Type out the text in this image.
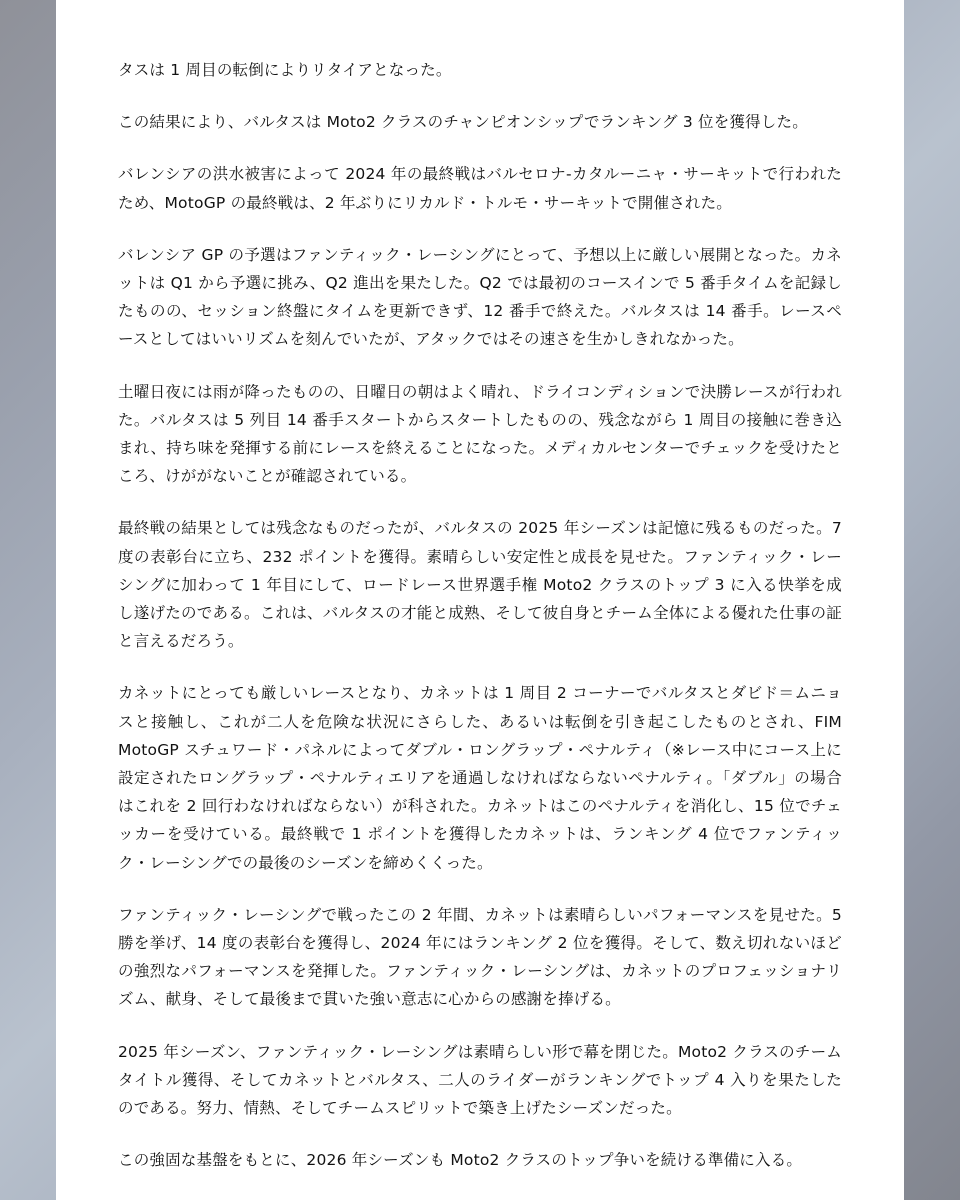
タスは 1 周目の転倒によりリタイアとなった。

この結果により、バルタスは Moto2 クラスのチャンピオンシップでランキング 3 位を獲得した。

バレンシアの洪水被害によって 2024 年の最終戦はバルセロナ-カタルーニャ・サーキットで行われたため、MotoGP の最終戦は、2 年ぶりにリカルド・トルモ・サーキットで開催された。

バレンシア GP の予選はファンティック・レーシングにとって、予想以上に厳しい展開となった。カネットは Q1 から予選に挑み、Q2 進出を果たした。Q2 では最初のコースインで 5 番手タイムを記録したものの、セッション終盤にタイムを更新できず、12 番手で終えた。バルタスは 14 番手。レースペースとしてはいいリズムを刻んでいたが、アタックではその速さを生かしきれなかった。

土曜日夜には雨が降ったものの、日曜日の朝はよく晴れ、ドライコンディションで決勝レースが行われた。バルタスは 5 列目 14 番手スタートからスタートしたものの、残念ながら 1 周目の接触に巻き込まれ、持ち味を発揮する前にレースを終えることになった。メディカルセンターでチェックを受けたところ、けががないことが確認されている。

最終戦の結果としては残念なものだったが、バルタスの 2025 年シーズンは記憶に残るものだった。7 度の表彰台に立ち、232 ポイントを獲得。素晴らしい安定性と成長を見せた。ファンティック・レーシングに加わって 1 年目にして、ロードレース世界選手権 Moto2 クラスのトップ 3 に入る快挙を成し遂げたのである。これは、バルタスの才能と成熟、そして彼自身とチーム全体による優れた仕事の証と言えるだろう。

カネットにとっても厳しいレースとなり、カネットは 1 周目 2 コーナーでバルタスとダビド＝ムニョスと接触し、これが二人を危険な状況にさらした、あるいは転倒を引き起こしたものとされ、FIM MotoGP スチュワード・パネルによってダブル・ロングラップ・ペナルティ（※レース中にコース上に設定されたロングラップ・ペナルティエリアを通過しなければならないペナルティ。「ダブル」の場合はこれを 2 回行わなければならない）が科された。カネットはこのペナルティを消化し、15 位でチェッカーを受けている。最終戦で 1 ポイントを獲得したカネットは、ランキング 4 位でファンティック・レーシングでの最後のシーズンを締めくくった。

ファンティック・レーシングで戦ったこの 2 年間、カネットは素晴らしいパフォーマンスを見せた。5 勝を挙げ、14 度の表彰台を獲得し、2024 年にはランキング 2 位を獲得。そして、数え切れないほどの強烈なパフォーマンスを発揮した。ファンティック・レーシングは、カネットのプロフェッショナリズム、献身、そして最後まで貫いた強い意志に心からの感謝を捧げる。

2025 年シーズン、ファンティック・レーシングは素晴らしい形で幕を閉じた。Moto2 クラスのチームタイトル獲得、そしてカネットとバルタス、二人のライダーがランキングでトップ 4 入りを果たしたのである。努力、情熱、そしてチームスピリットで築き上げたシーズンだった。

この強固な基盤をもとに、2026 年シーズンも Moto2 クラスのトップ争いを続ける準備に入る。
